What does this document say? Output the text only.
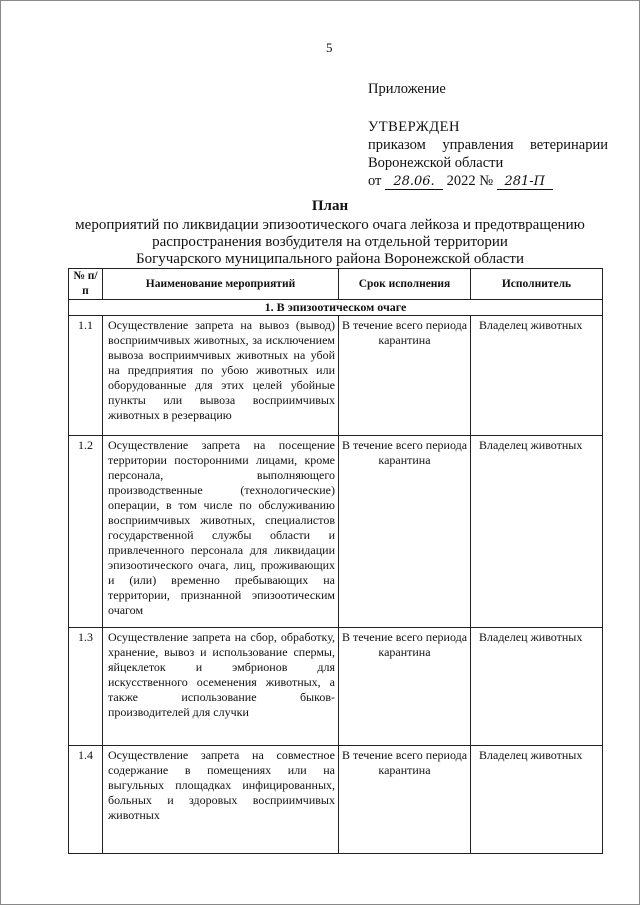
5
Приложение
УТВЕРЖДЕН
приказом управления ветеринарии
Воронежской области
от 28.06. 2022 № 281-П
План
мероприятий по ликвидации эпизоотического очага лейкоза и предотвращению
распространения возбудителя на отдельной территории
Богучарского муниципального района Воронежской области
№ п/п	Наименование мероприятий	Срок исполнения	Исполнитель
1. В эпизоотическом очаге			
1.1	Осуществление запрета на вывоз (вывод) восприимчивых животных, за исключением вывоза восприимчивых животных на убой на предприятия по убою животных или оборудованные для этих целей убойные пункты или вывоза восприимчивых животных в резервацию	В течение всего периода карантина	Владелец животных
1.2	Осуществление запрета на посещение территории посторонними лицами, кроме персонала, выполняющего производственные (технологические) операции, в том числе по обслуживанию восприимчивых животных, специалистов государственной службы области и привлеченного персонала для ликвидации эпизоотического очага, лиц, проживающих и (или) временно пребывающих на территории, признанной эпизоотическим очагом	В течение всего периода карантина	Владелец животных
1.3	Осуществление запрета на сбор, обработку, хранение, вывоз и использование спермы, яйцеклеток и эмбрионов для искусственного осеменения животных, а также использование быков-производителей для случки	В течение всего периода карантина	Владелец животных
1.4	Осуществление запрета на совместное содержание в помещениях или на выгульных площадках инфицированных, больных и здоровых восприимчивых животных	В течение всего периода карантина	Владелец животных
